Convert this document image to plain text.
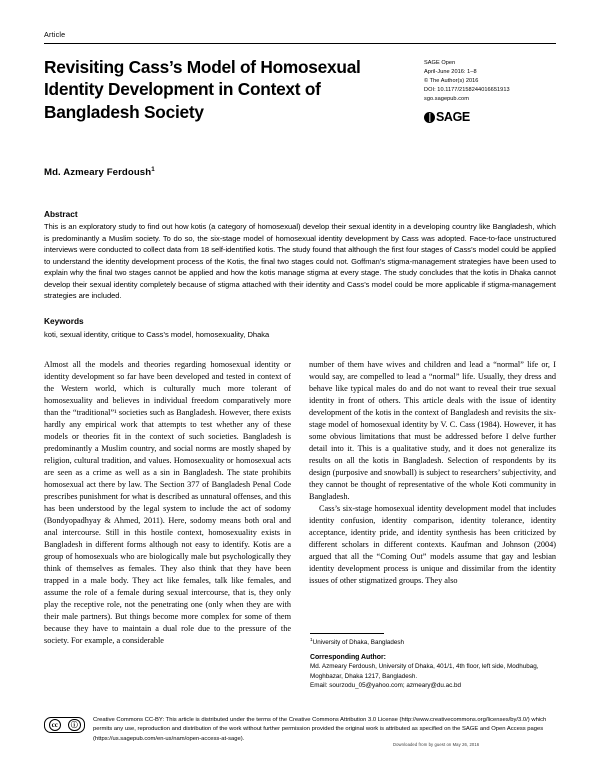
Article
Revisiting Cass’s Model of Homosexual Identity Development in Context of Bangladesh Society
SAGE Open
April-June 2016: 1–8
© The Author(s) 2016
DOI: 10.1177/2158244016651913
sgo.sagepub.com
SAGE
Md. Azmeary Ferdoush$^1$
Abstract
This is an exploratory study to find out how kotis (a category of homosexual) develop their sexual identity in a developing country like Bangladesh, which is predominantly a Muslim society. To do so, the six-stage model of homosexual identity development by Cass was adopted. Face-to-face unstructured interviews were conducted to collect data from 18 self-identified kotis. The study found that although the first four stages of Cass’s model could be applied to understand the identity development process of the Kotis, the final two stages could not. Goffman’s stigma-management strategies have been used to explain why the final two stages cannot be applied and how the kotis manage stigma at every stage. The study concludes that the kotis in Dhaka cannot develop their sexual identity completely because of stigma attached with their identity and Cass’s model could be more applicable if stigma-management strategies are included.
Keywords
koti, sexual identity, critique to Cass’s model, homosexuality, Dhaka

Almost all the models and theories regarding homosexual identity or identity development so far have been developed and tested in context of the Western world, which is culturally much more tolerant of homosexuality and believes in individual freedom comparatively more than the “traditional”¹ societies such as Bangladesh. However, there exists hardly any empirical work that attempts to test whether any of these models or theories fit in the context of such societies. Bangladesh is predominantly a Muslim country, and social norms are mostly shaped by religion, cultural tradition, and values. Homosexuality or homosexual acts are seen as a crime as well as a sin in Bangladesh. The state prohibits homosexual act there by law. The Section 377 of Bangladesh Penal Code prescribes punishment for what is described as unnatural offenses, and this has been understood by the legal system to include the act of sodomy (Bondyopadhyay & Ahmed, 2011). Here, sodomy means both oral and anal intercourse. Still in this hostile context, homosexuality exists in Bangladesh in different forms although not easy to identify. Kotis are a group of homosexuals who are biologically male but psychologically they think of themselves as females. They also think that they have been trapped in a male body. They act like females, talk like females, and assume the role of a female during sexual intercourse, that is, they only play the receptive role, not the penetrating one (only when they are with their male partners). But things become more complex for some of them because they have to maintain a dual role due to the pressure of the society. For example, a considerable

number of them have wives and children and lead a “normal” life or, I would say, are compelled to lead a “normal” life. Usually, they dress and behave like typical males do and do not want to reveal their true sexual identity in front of others. This article deals with the issue of identity development of the kotis in the context of Bangladesh and revisits the six-stage model of homosexual identity by V. C. Cass (1984). However, it has some obvious limitations that must be addressed before I delve further detail into it. This is a qualitative study, and it does not generalize its results on all the kotis in Bangladesh. Selection of respondents by its design (purposive and snowball) is subject to researchers’ subjectivity, and they cannot be thought of representative of the whole Koti community in Bangladesh.

Cass’s six-stage homosexual identity development model that includes identity confusion, identity comparison, identity tolerance, identity acceptance, identity pride, and identity synthesis has been criticized by different scholars in different contexts. Kaufman and Johnson (2004) argued that all the “Coming Out” models assume that gay and lesbian identity development process is unique and dissimilar from the identity issues of other stigmatized groups. They also

$^1$University of Dhaka, Bangladesh
Corresponding Author:
Md. Azmeary Ferdoush, University of Dhaka, 401/1, 4th floor, left side, Modhubag, Moghbazar, Dhaka 1217, Bangladesh.
Email: sourzodu_05@yahoo.com; azmeary@du.ac.bd
cc	ⓘ
Creative Commons CC-BY: This article is distributed under the terms of the Creative Commons Attribution 3.0 License (http://www.creativecommons.org/licenses/by/3.0/) which permits any use, reproduction and distribution of the work without further permission provided the original work is attributed as specified on the SAGE and Open Access pages (https://us.sagepub.com/en-us/nam/open-access-at-sage).
Downloaded from by guest on May 26, 2016
